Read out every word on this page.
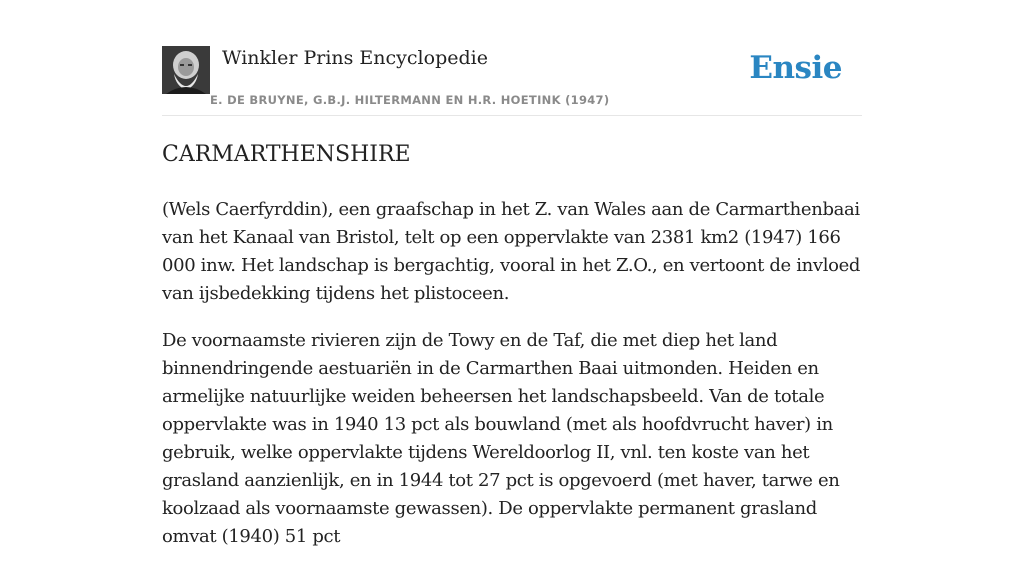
Winkler Prins Encyclopedie
E. DE BRUYNE, G.B.J. HILTERMANN EN H.R. HOETINK (1947)
Ensie
CARMARTHENSHIRE

(Wels Caerfyrddin), een graafschap in het Z. van Wales aan de Carmarthenbaai van het Kanaal van Bristol, telt op een oppervlakte van 2381 km2 (1947) 166 000 inw. Het landschap is bergachtig, vooral in het Z.O., en vertoont de invloed van ijsbedekking tijdens het plistoceen.

De voornaamste rivieren zijn de Towy en de Taf, die met diep het land binnendringende aestuariën in de Carmarthen Baai uitmonden. Heiden en armelijke natuurlijke weiden beheersen het landschapsbeeld. Van de totale oppervlakte was in 1940 13 pct als bouwland (met als hoofdvrucht haver) in gebruik, welke oppervlakte tijdens Wereldoorlog II, vnl. ten koste van het grasland aanzienlijk, en in 1944 tot 27 pct is opgevoerd (met haver, tarwe en koolzaad als voornaamste gewassen). De oppervlakte permanent grasland omvat (1940) 51 pct
